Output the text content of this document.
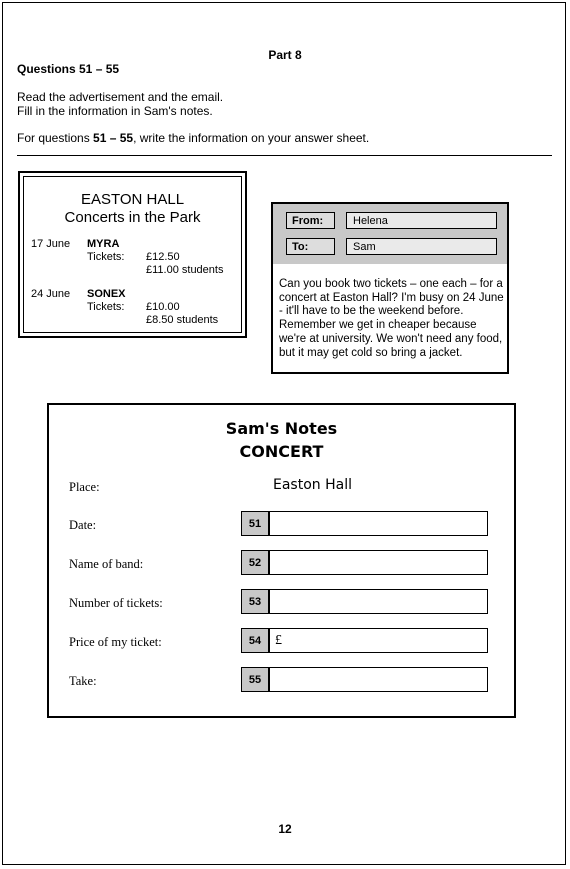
Part 8
Questions 51 – 55
Read the advertisement and the email.
Fill in the information in Sam's notes.
For questions 51 – 55, write the information on your answer sheet.
EASTON HALL
Concerts in the Park
17 June MYRA
Tickets: £12.50
£11.00 students
24 June SONEX
Tickets: £10.00
£8.50 students
From:	Helena
To:	Sam
Can you book two tickets – one each – for a concert at Easton Hall? I'm busy on 24 June - it'll have to be the weekend before. Remember we get in cheaper because we're at university. We won't need any food, but it may get cold so bring a jacket.
Sam's Notes
CONCERT
Place:	Easton Hall
Date:	51
Name of band:	52
Number of tickets:	53
Price of my ticket:	54 £
Take:	55
12
